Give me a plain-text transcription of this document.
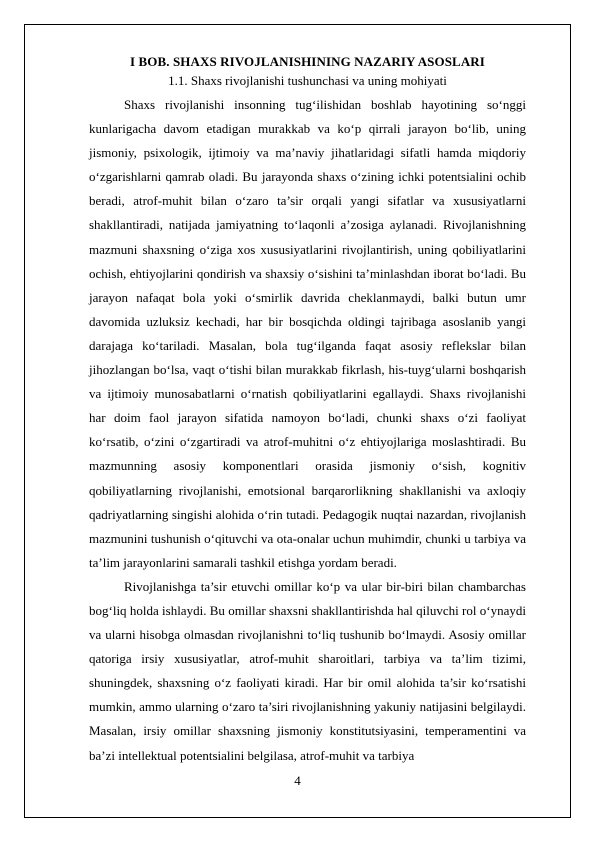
I BOB. SHAXS RIVOJLANISHINING NAZARIY ASOSLARI
1.1. Shaxs rivojlanishi tushunchasi va uning mohiyati

Shaxs rivojlanishi insonning tug‘ilishidan boshlab hayotining so‘nggi kunlarigacha davom etadigan murakkab va ko‘p qirrali jarayon bo‘lib, uning jismoniy, psixologik, ijtimoiy va ma’naviy jihatlaridagi sifatli hamda miqdoriy o‘zgarishlarni qamrab oladi. Bu jarayonda shaxs o‘zining ichki potentsialini ochib beradi, atrof-muhit bilan o‘zaro ta’sir orqali yangi sifatlar va xususiyatlarni shakllantiradi, natijada jamiyatning to‘laqonli a’zosiga aylanadi. Rivojlanishning mazmuni shaxsning o‘ziga xos xususiyatlarini rivojlantirish, uning qobiliyatlarini ochish, ehtiyojlarini qondirish va shaxsiy o‘sishini ta’minlashdan iborat bo‘ladi. Bu jarayon nafaqat bola yoki o‘smirlik davrida cheklanmaydi, balki butun umr davomida uzluksiz kechadi, har bir bosqichda oldingi tajribaga asoslanib yangi darajaga ko‘tariladi. Masalan, bola tug‘ilganda faqat asosiy reflekslar bilan jihozlangan bo‘lsa, vaqt o‘tishi bilan murakkab fikrlash, his-tuyg‘ularni boshqarish va ijtimoiy munosabatlarni o‘rnatish qobiliyatlarini egallaydi. Shaxs rivojlanishi har doim faol jarayon sifatida namoyon bo‘ladi, chunki shaxs o‘zi faoliyat ko‘rsatib, o‘zini o‘zgartiradi va atrof-muhitni o‘z ehtiyojlariga moslashtiradi. Bu mazmunning asosiy komponentlari orasida jismoniy o‘sish, kognitiv qobiliyatlarning rivojlanishi, emotsional barqarorlikning shakllanishi va axloqiy qadriyatlarning singishi alohida o‘rin tutadi. Pedagogik nuqtai nazardan, rivojlanish mazmunini tushunish o‘qituvchi va ota-onalar uchun muhimdir, chunki u tarbiya va ta’lim jarayonlarini samarali tashkil etishga yordam beradi.

Rivojlanishga ta’sir etuvchi omillar ko‘p va ular bir-biri bilan chambarchas bog‘liq holda ishlaydi. Bu omillar shaxsni shakllantirishda hal qiluvchi rol o‘ynaydi va ularni hisobga olmasdan rivojlanishni to‘liq tushunib bo‘lmaydi. Asosiy omillar qatoriga irsiy xususiyatlar, atrof-muhit sharoitlari, tarbiya va ta’lim tizimi, shuningdek, shaxsning o‘z faoliyati kiradi. Har bir omil alohida ta’sir ko‘rsatishi mumkin, ammo ularning o‘zaro ta’siri rivojlanishning yakuniy natijasini belgilaydi. Masalan, irsiy omillar shaxsning jismoniy konstitutsiyasini, temperamentini va ba’zi intellektual potentsialini belgilasa, atrof-muhit va tarbiya

4
